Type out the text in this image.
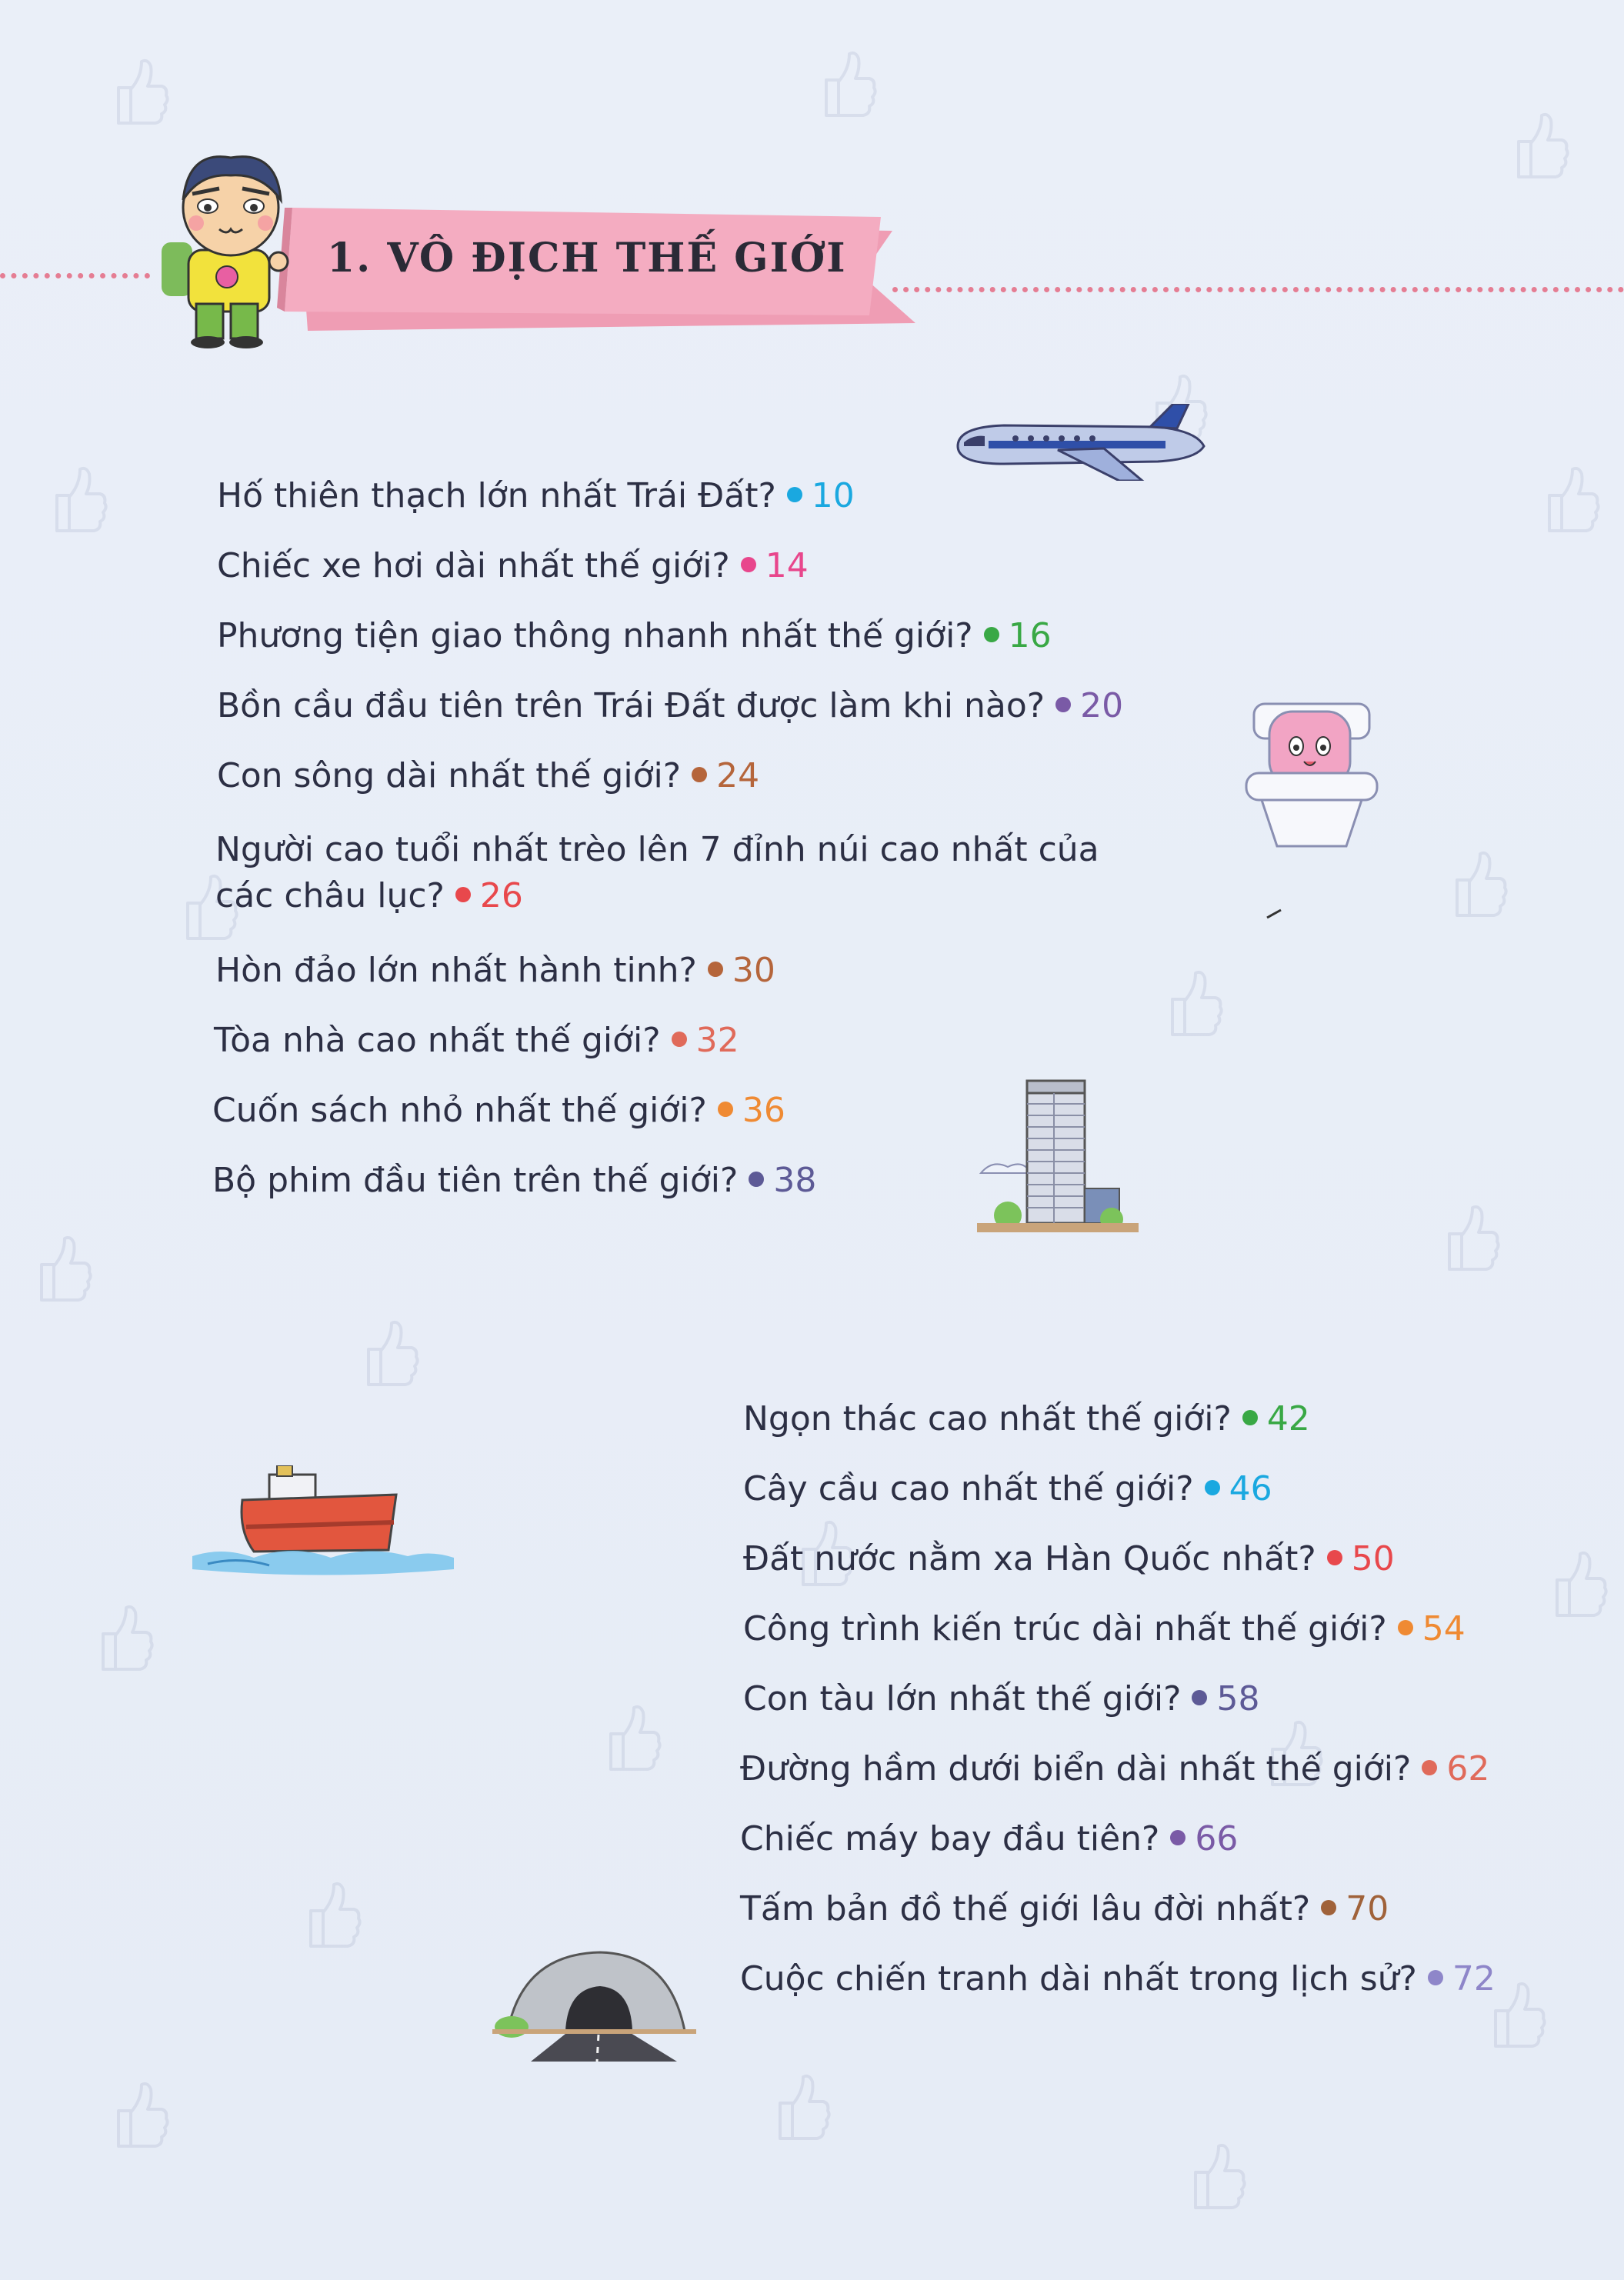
1. VÔ ĐỊCH THẾ GIỚI
Hố thiên thạch lớn nhất Trái Đất? 10
Chiếc xe hơi dài nhất thế giới? 14
Phương tiện giao thông nhanh nhất thế giới? 16
Bồn cầu đầu tiên trên Trái Đất được làm khi nào? 20
Con sông dài nhất thế giới? 24
Người cao tuổi nhất trèo lên 7 đỉnh núi cao nhất của
các châu lục? 26
Hòn đảo lớn nhất hành tinh? 30
Tòa nhà cao nhất thế giới? 32
Cuốn sách nhỏ nhất thế giới? 36
Bộ phim đầu tiên trên thế giới? 38
Ngọn thác cao nhất thế giới? 42
Cây cầu cao nhất thế giới? 46
Đất nước nằm xa Hàn Quốc nhất? 50
Công trình kiến trúc dài nhất thế giới? 54
Con tàu lớn nhất thế giới? 58
Đường hầm dưới biển dài nhất thế giới? 62
Chiếc máy bay đầu tiên? 66
Tấm bản đồ thế giới lâu đời nhất? 70
Cuộc chiến tranh dài nhất trong lịch sử? 72
